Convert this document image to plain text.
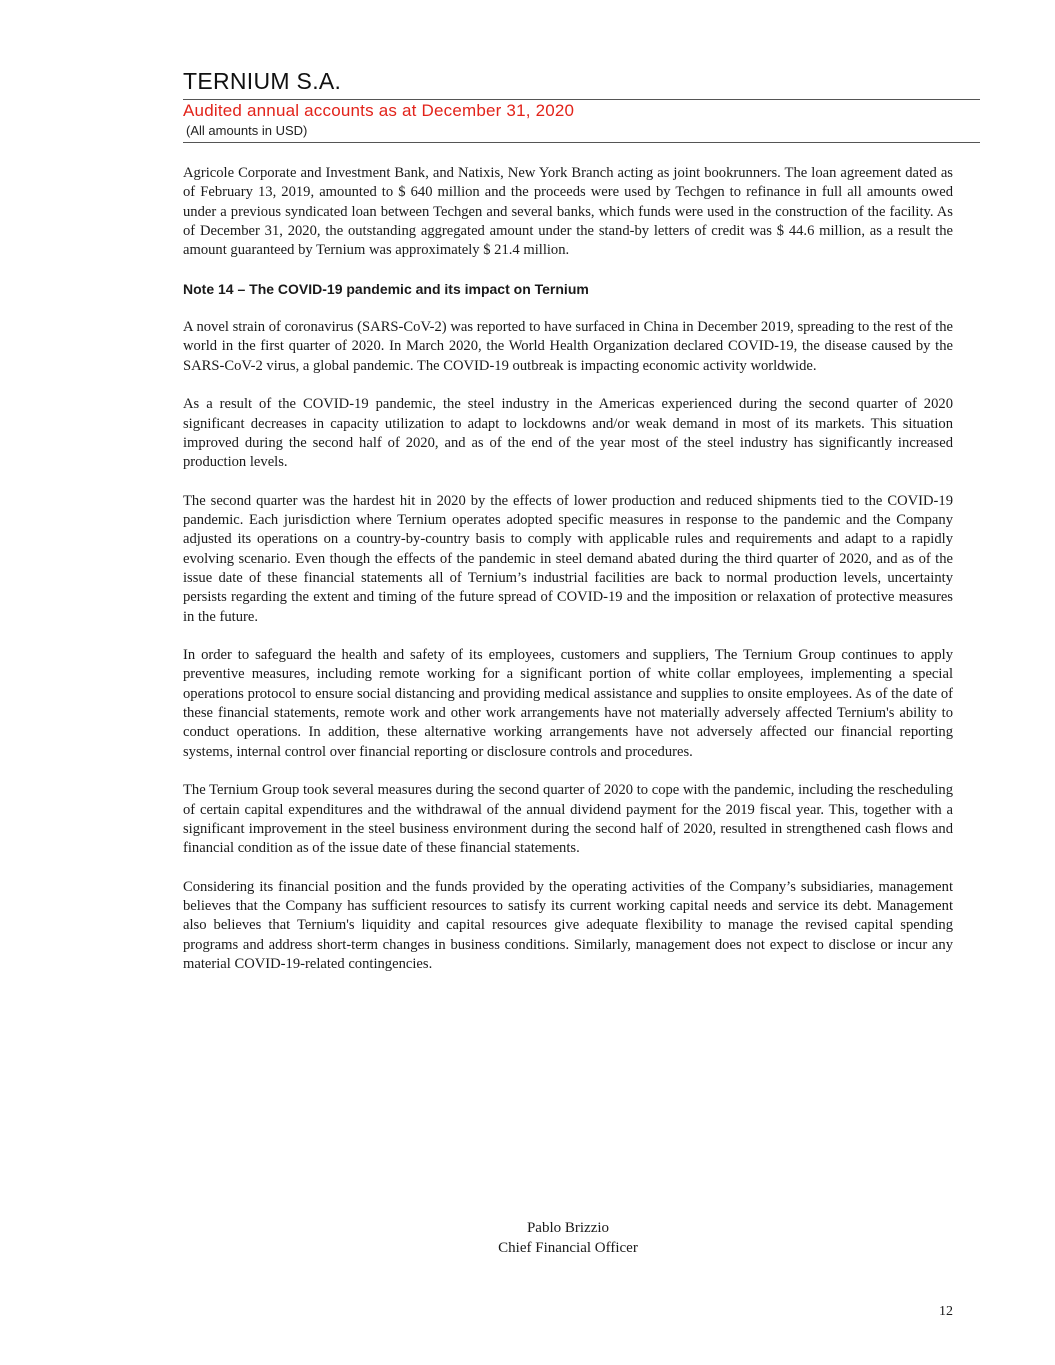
TERNIUM S.A.
Audited annual accounts as at December 31, 2020
(All amounts in USD)

Agricole Corporate and Investment Bank, and Natixis, New York Branch acting as joint bookrunners. The loan agreement dated as of February 13, 2019, amounted to $ 640 million and the proceeds were used by Techgen to refinance in full all amounts owed under a previous syndicated loan between Techgen and several banks, which funds were used in the construction of the facility. As of December 31, 2020, the outstanding aggregated amount under the stand-by letters of credit was $ 44.6 million, as a result the amount guaranteed by Ternium was approximately $ 21.4 million.

Note 14 – The COVID-19 pandemic and its impact on Ternium

A novel strain of coronavirus (SARS-CoV-2) was reported to have surfaced in China in December 2019, spreading to the rest of the world in the first quarter of 2020. In March 2020, the World Health Organization declared COVID-19, the disease caused by the SARS-CoV-2 virus, a global pandemic. The COVID-19 outbreak is impacting economic activity worldwide.

As a result of the COVID-19 pandemic, the steel industry in the Americas experienced during the second quarter of 2020 significant decreases in capacity utilization to adapt to lockdowns and/or weak demand in most of its markets. This situation improved during the second half of 2020, and as of the end of the year most of the steel industry has significantly increased production levels.

The second quarter was the hardest hit in 2020 by the effects of lower production and reduced shipments tied to the COVID-19 pandemic. Each jurisdiction where Ternium operates adopted specific measures in response to the pandemic and the Company adjusted its operations on a country-by-country basis to comply with applicable rules and requirements and adapt to a rapidly evolving scenario. Even though the effects of the pandemic in steel demand abated during the third quarter of 2020, and as of the issue date of these financial statements all of Ternium’s industrial facilities are back to normal production levels, uncertainty persists regarding the extent and timing of the future spread of COVID-19 and the imposition or relaxation of protective measures in the future.

In order to safeguard the health and safety of its employees, customers and suppliers, The Ternium Group continues to apply preventive measures, including remote working for a significant portion of white collar employees, implementing a special operations protocol to ensure social distancing and providing medical assistance and supplies to onsite employees. As of the date of these financial statements, remote work and other work arrangements have not materially adversely affected Ternium's ability to conduct operations. In addition, these alternative working arrangements have not adversely affected our financial reporting systems, internal control over financial reporting or disclosure controls and procedures.

The Ternium Group took several measures during the second quarter of 2020 to cope with the pandemic, including the rescheduling of certain capital expenditures and the withdrawal of the annual dividend payment for the 2019 fiscal year. This, together with a significant improvement in the steel business environment during the second half of 2020, resulted in strengthened cash flows and financial condition as of the issue date of these financial statements.

Considering its financial position and the funds provided by the operating activities of the Company’s subsidiaries, management believes that the Company has sufficient resources to satisfy its current working capital needs and service its debt. Management also believes that Ternium's liquidity and capital resources give adequate flexibility to manage the revised capital spending programs and address short-term changes in business conditions. Similarly, management does not expect to disclose or incur any material COVID-19-related contingencies.

Pablo Brizzio
Chief Financial Officer
12
